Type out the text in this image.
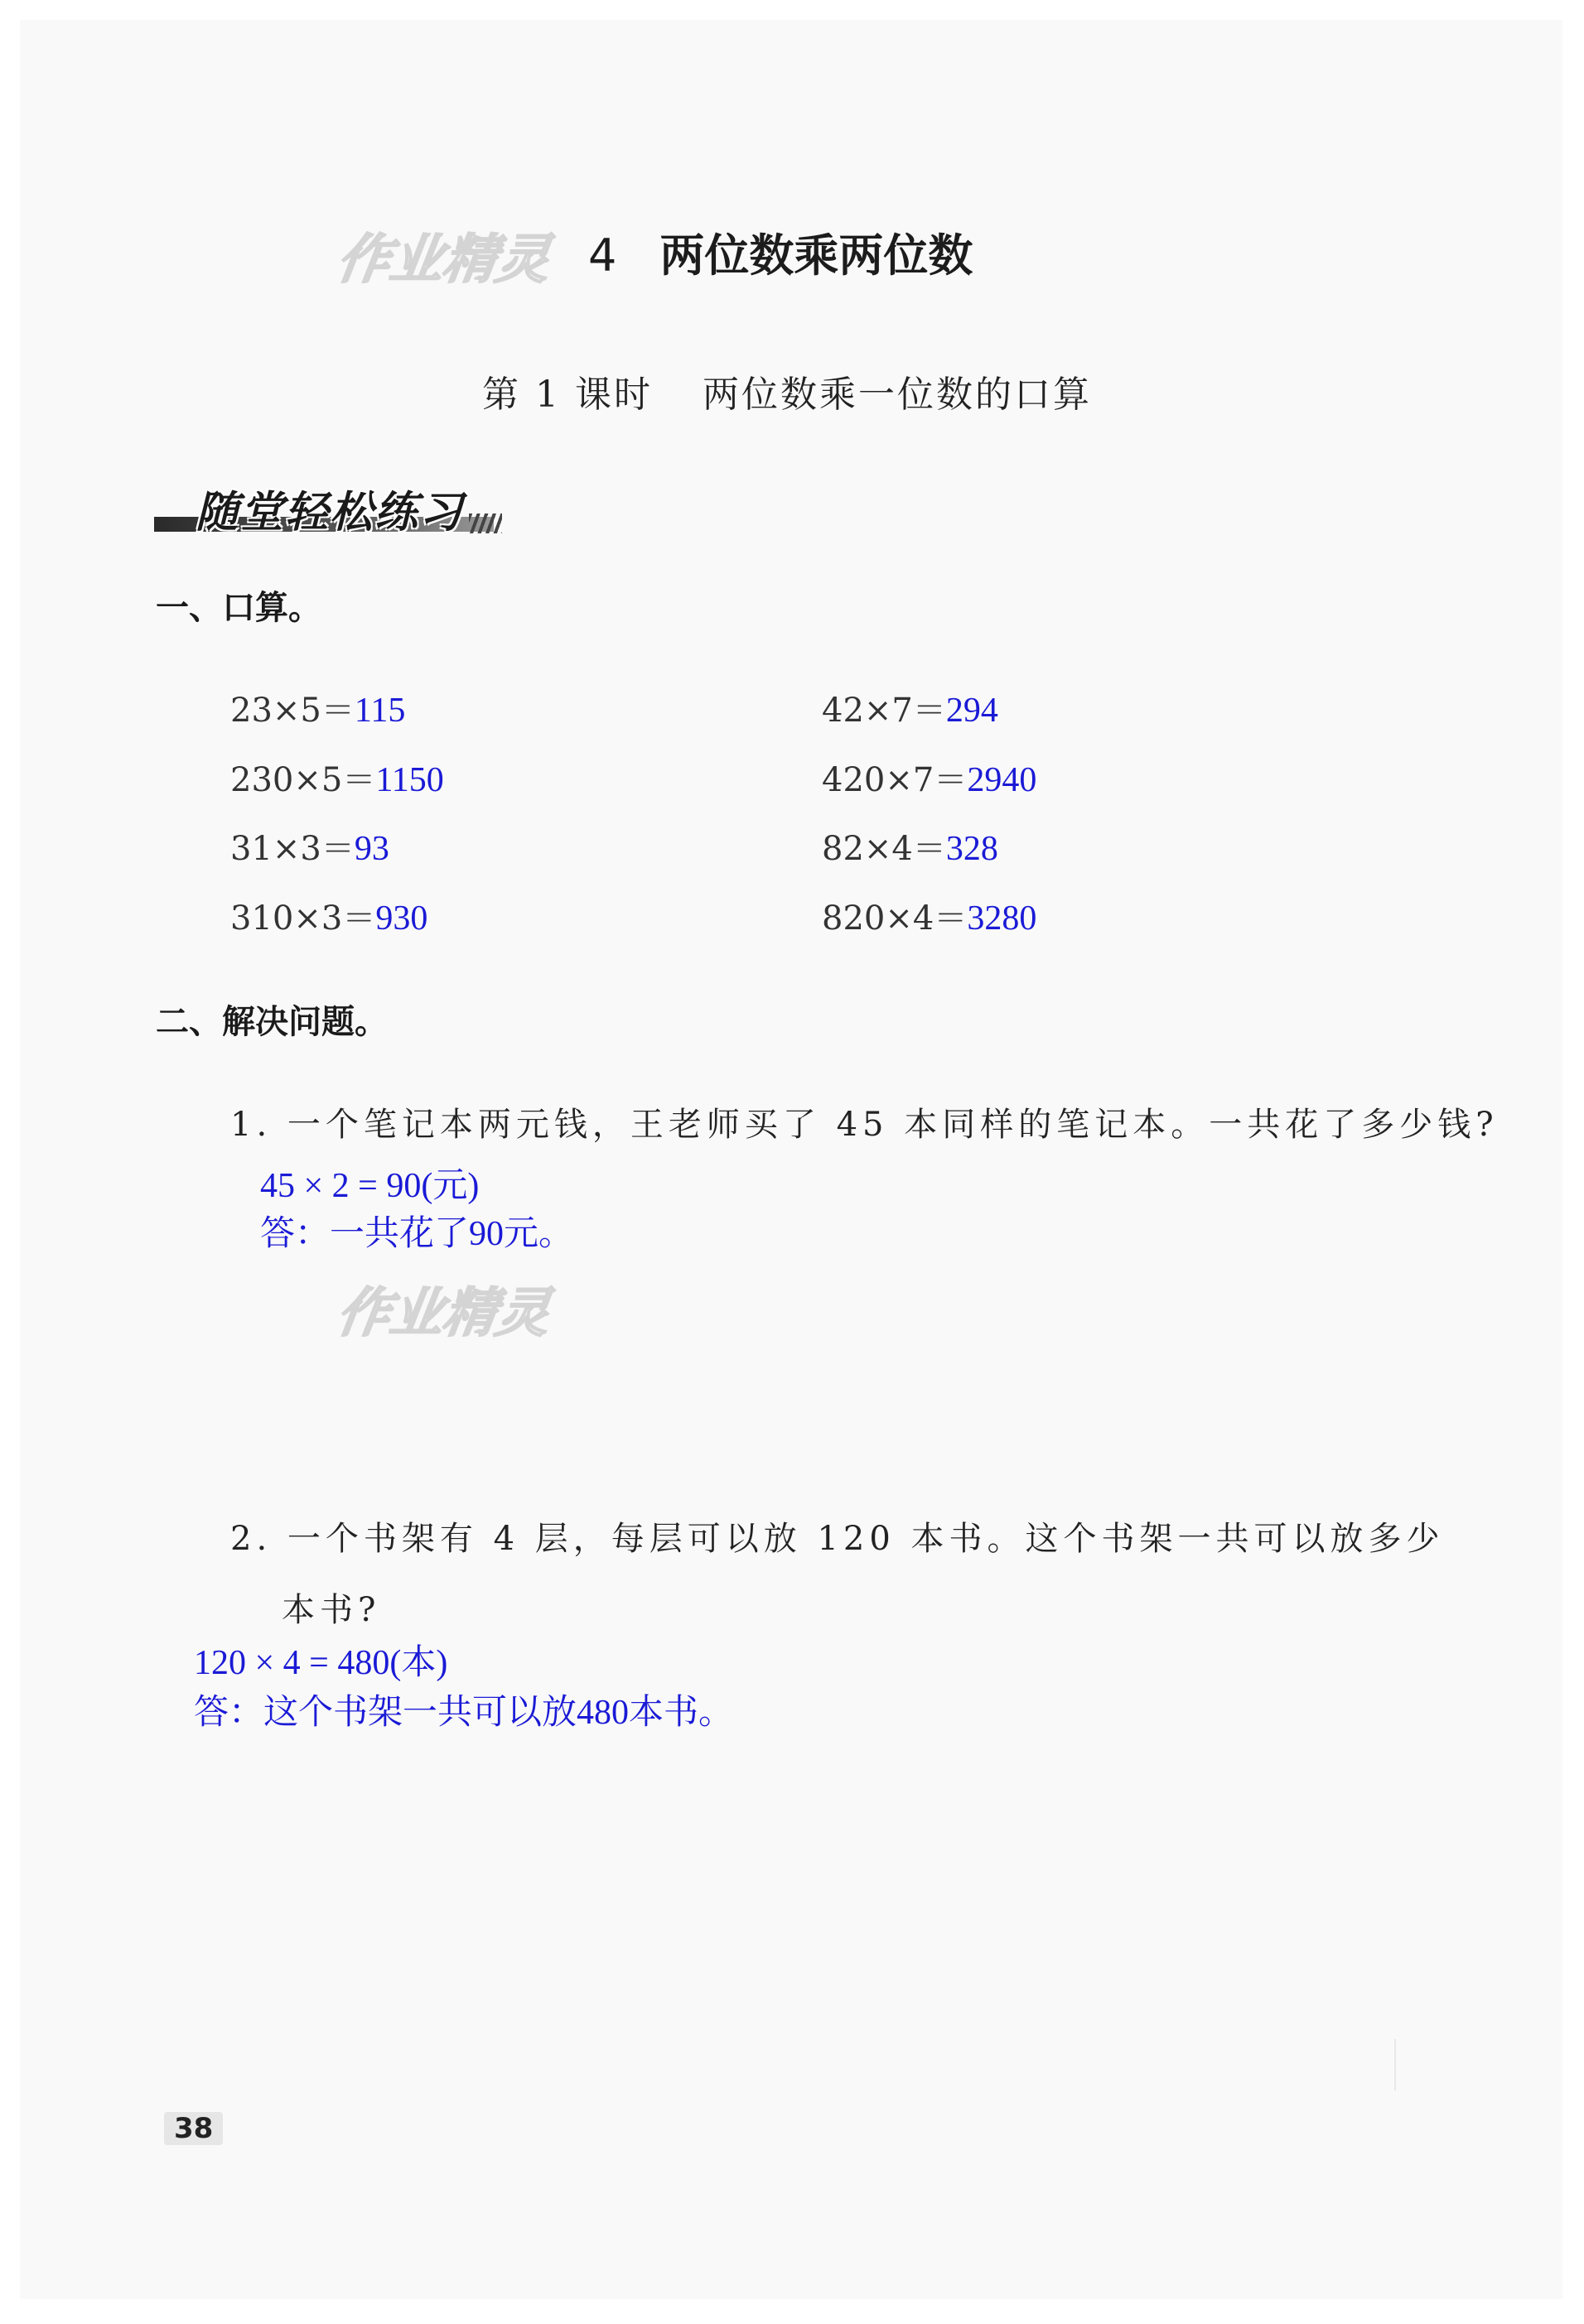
作业精灵
作业精灵
4 两位数乘两位数
第 1 课时 两位数乘一位数的口算
随堂轻松练习
一、口算。
23×5＝115
230×5＝1150
31×3＝93
310×3＝930
42×7＝294
420×7＝2940
82×4＝328
820×4＝3280
二、解决问题。
1. 一个笔记本两元钱，王老师买了 45 本同样的笔记本。一共花了多少钱?
45 × 2 = 90(元)
答：一共花了90元。
2. 一个书架有 4 层，每层可以放 120 本书。这个书架一共可以放多少
本书?
120 × 4 = 480(本)
答：这个书架一共可以放480本书。
38
